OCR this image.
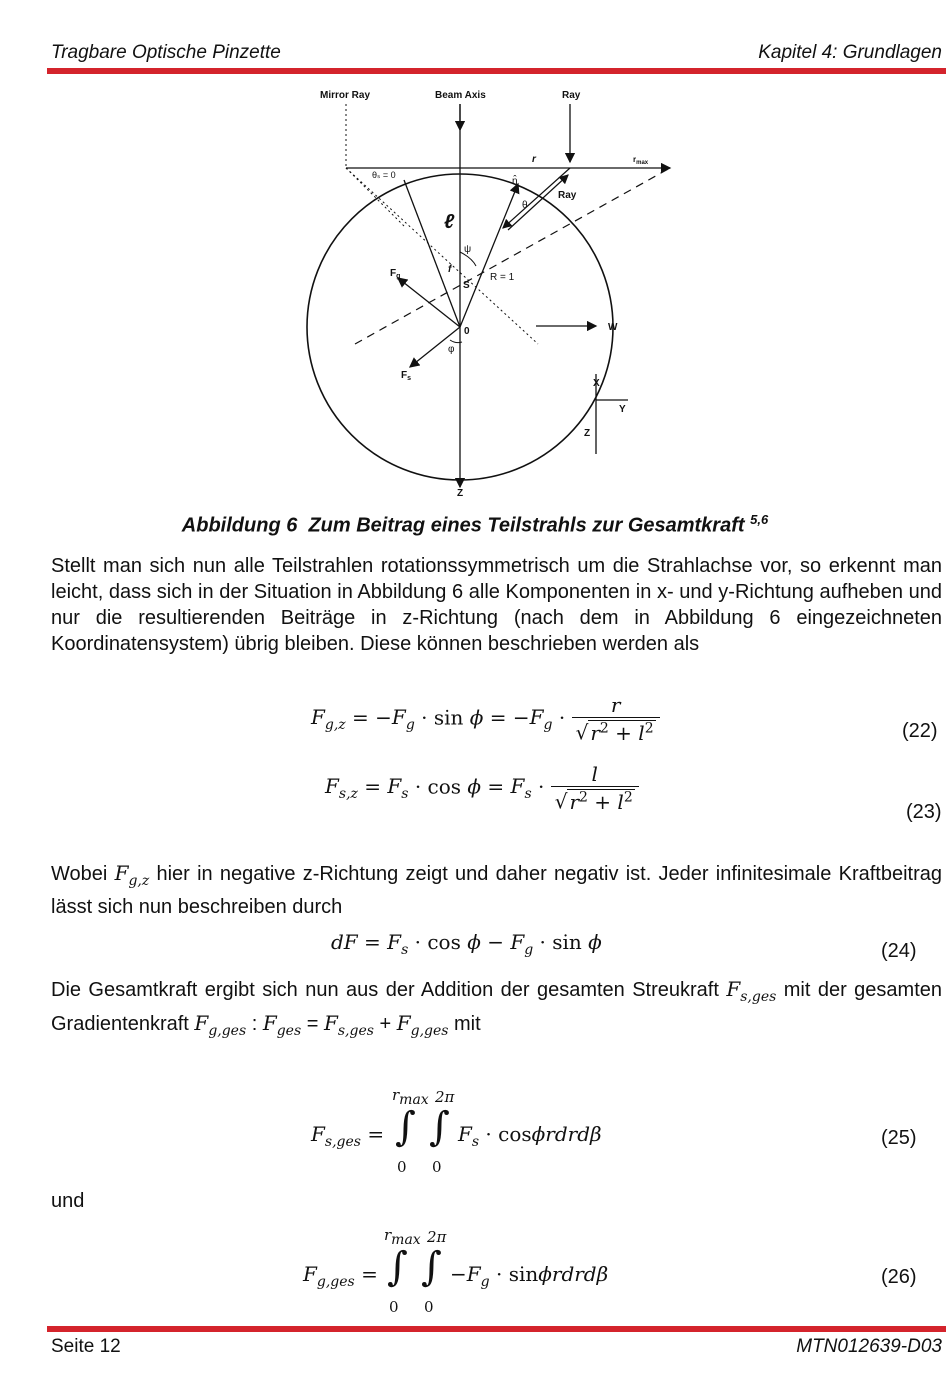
Tragbare Optische Pinzette	Kapitel 4: Grundlagen
Mirror Ray	Beam Axis	Ray
r	$r_{max}$
θₛ = 0
n̂
Ray
θ
ℓ
ψ
f
$F_g$	R = 1
S
0
φ
$F_s$
W
X
Y
Z
Z
Abbildung 6 Zum Beitrag eines Teilstrahls zur Gesamtkraft $^{5,6}$
Stellt man sich nun alle Teilstrahlen rotationssymmetrisch um die Strahlachse vor, so erkennt man leicht, dass sich in der Situation in Abbildung 6 alle Komponenten in x- und y-Richtung aufheben und nur die resultierenden Beiträge in z-Richtung (nach dem in Abbildung 6 eingezeichneten Koordinatensystem) übrig bleiben. Diese können beschrieben werden als
$F_{g,z} = -F_g \cdot \sin \phi = -F_g \cdot \frac{r}{√ r^2 + l^2}$	(22)
$F_{s,z} = F_s \cdot \cos \phi = F_s \cdot \frac{l}{√ r^2 + l^2}$	(23)
Wobei $F_{g,z}$ hier in negative z-Richtung zeigt und daher negativ ist. Jeder infinitesimale Kraftbeitrag lässt sich nun beschreiben durch
dF = $F_s \cdot \cos \phi - F_g \cdot \sin \phi$	(24)
Die Gesamtkraft ergibt sich nun aus der Addition der gesamten Streukraft $F_{s,ges}$ mit der gesamten Gradientenkraft $F_{g,ges}$ : $F_{ges} = F_{s,ges} + F_{g,ges}$ mit
$F_{s,ges}$ =
$r_{max}$ 2π
∫ ∫
0 0
$F_s$ · cosϕrdrdβ	(25)
und
$F_{g,ges}$ =
$r_{max}$ 2π
∫ ∫
0 0
$-F_g$ · sinϕrdrdβ	(26)
Seite 12	MTN012639-D03
